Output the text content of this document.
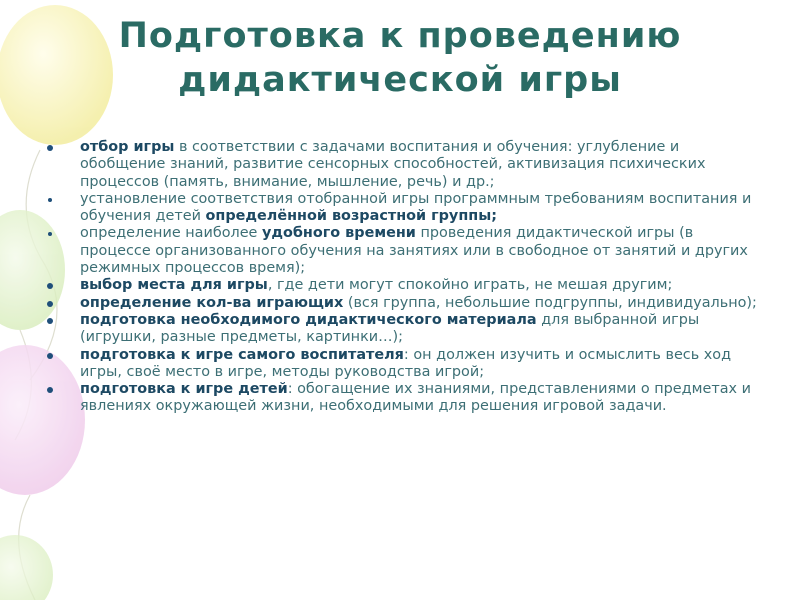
Подготовка к проведению
дидактической игры
отбор игры в соответствии с задачами воспитания и обучения: углубление и обобщение знаний, развитие сенсорных способностей, активизация психических процессов (память, внимание, мышление, речь) и др.;
установление соответствия отобранной игры программным требованиям воспитания и обучения детей определённой возрастной группы;
определение наиболее удобного времени проведения дидактической игры (в процессе организованного обучения на занятиях или в свободное от занятий и других режимных процессов время);
выбор места для игры, где дети могут спокойно играть, не мешая другим;
определение кол-ва играющих (вся группа, небольшие подгруппы, индивидуально);
подготовка необходимого дидактического материала для выбранной игры (игрушки, разные предметы, картинки…);
подготовка к игре самого воспитателя: он должен изучить и осмыслить весь ход игры, своё место в игре, методы руководства игрой;
подготовка к игре детей: обогащение их знаниями, представлениями о предметах и явлениях окружающей жизни, необходимыми для решения игровой задачи.
